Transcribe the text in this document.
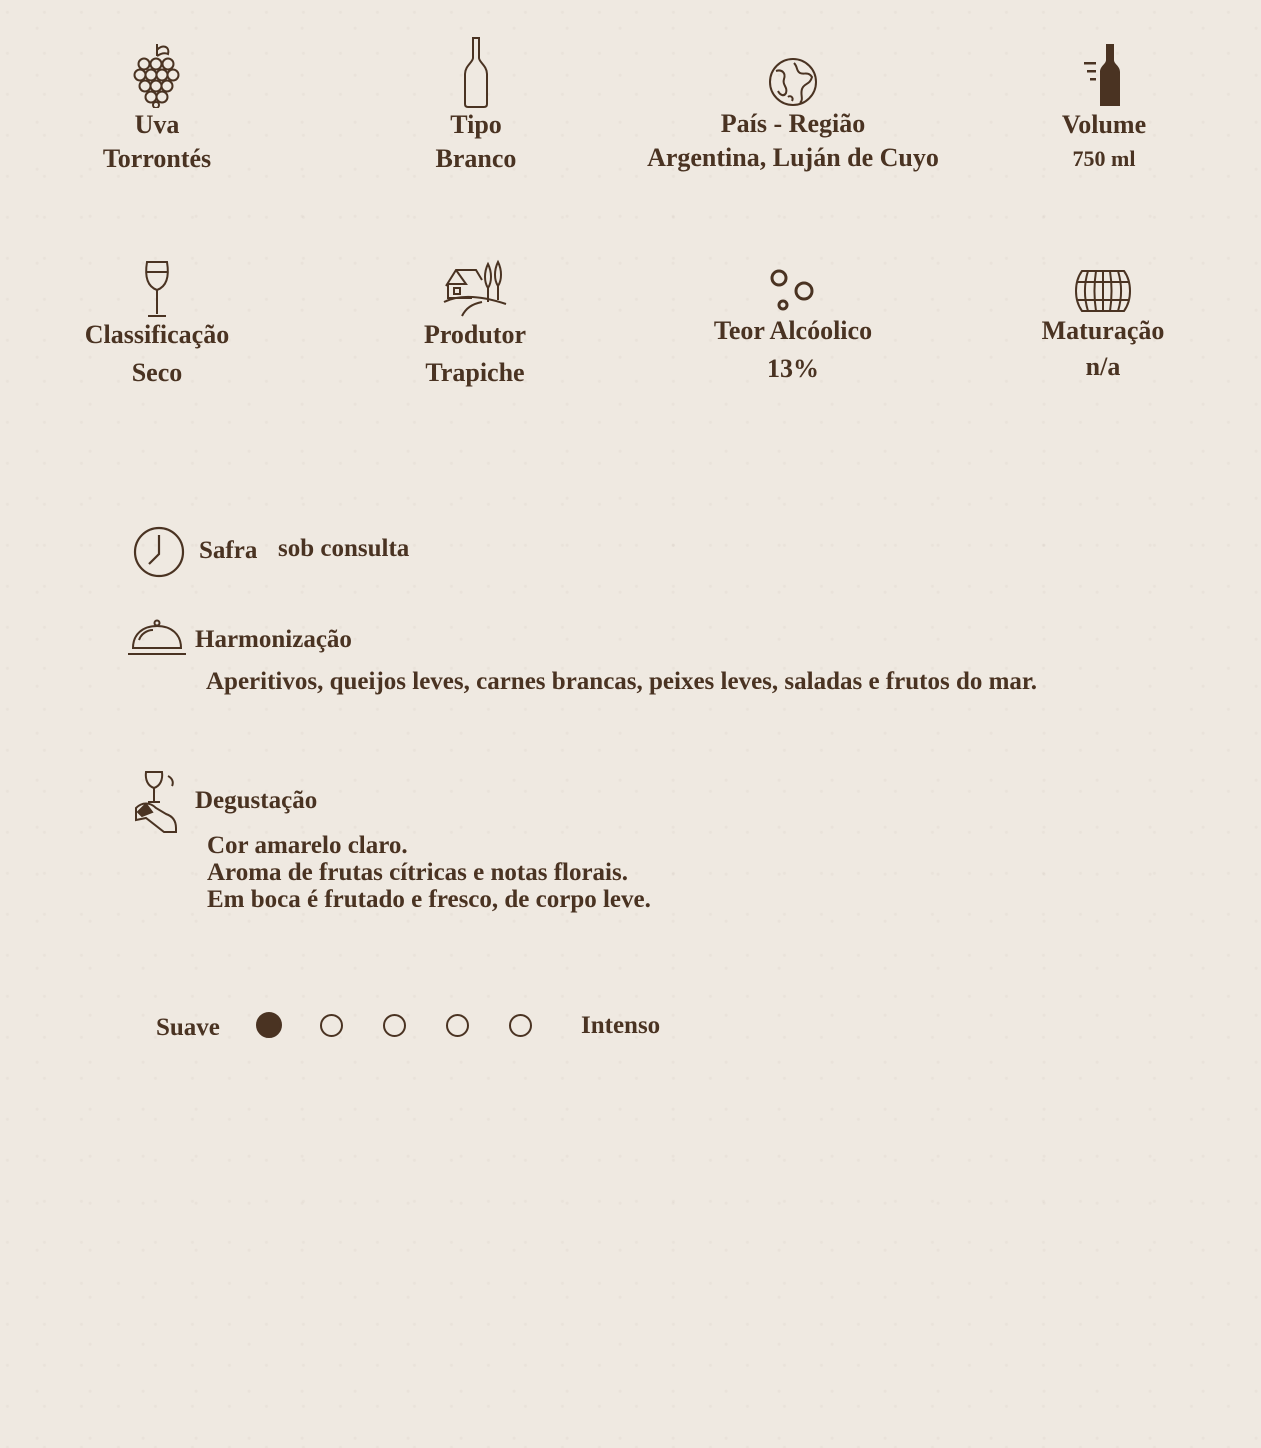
Uva
Torrontés
Tipo
Branco
País - Região
Argentina, Luján de Cuyo
Volume
750 ml
Classificação
Seco
Produtor
Trapiche
Teor Alcóolico
13%
Maturação
n/a
Safra sob consulta
Harmonização
Aperitivos, queijos leves, carnes brancas, peixes leves, saladas e frutos do mar.
Degustação
Cor amarelo claro.
Aroma de frutas cítricas e notas florais.
Em boca é frutado e fresco, de corpo leve.
Suave	Intenso
